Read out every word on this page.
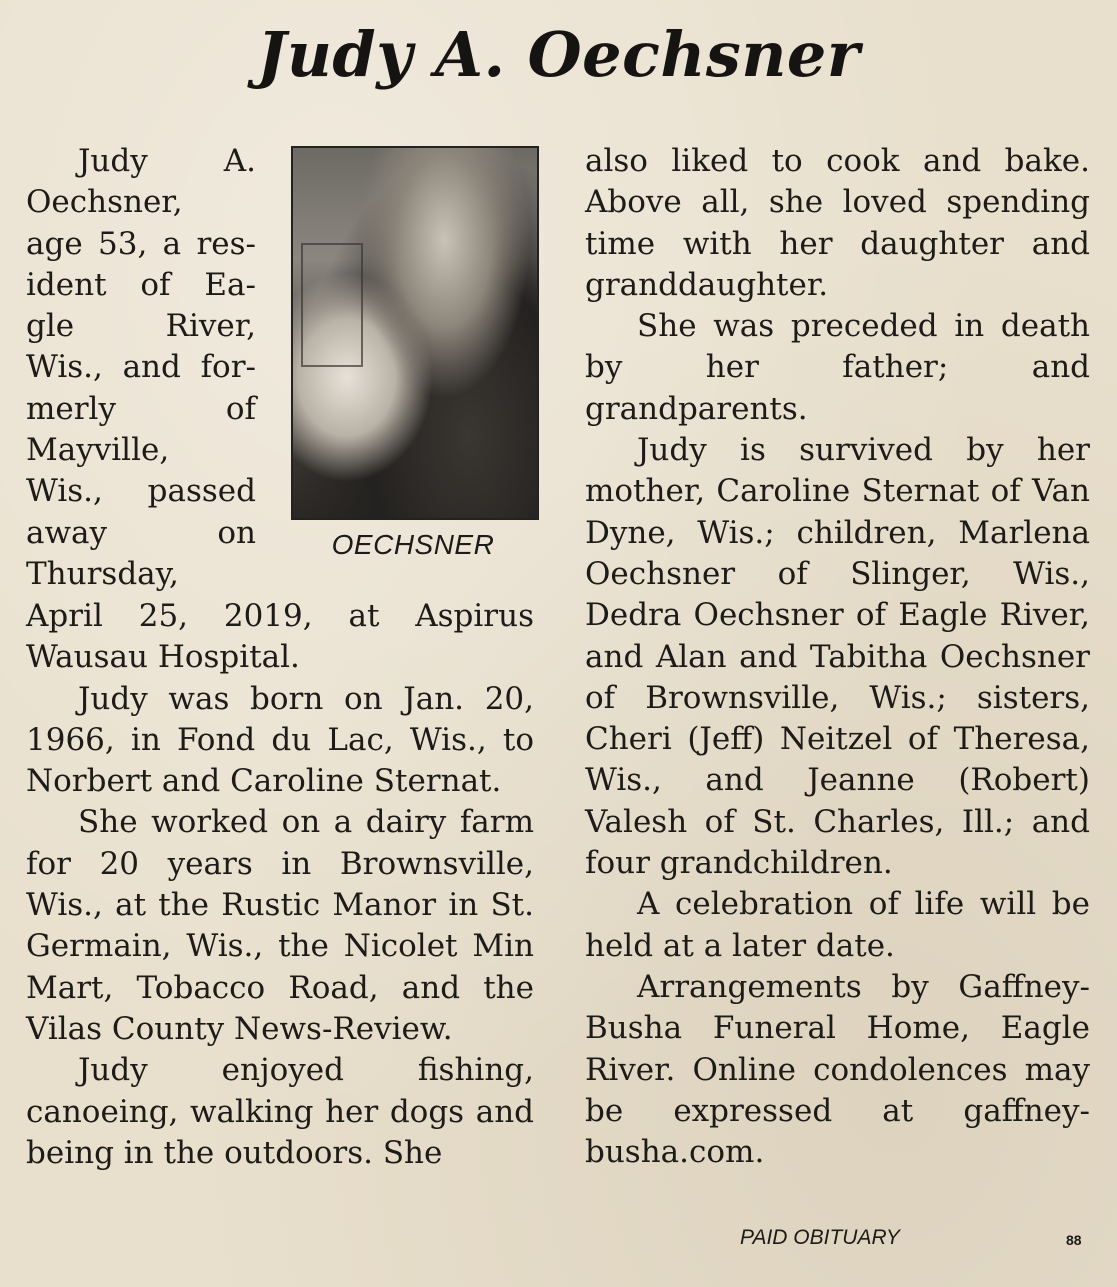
Judy A. Oechsner

Judy A.

Oechsner,

age 53, a res-

ident of Ea-

gle River,

Wis., and for-

merly of

Mayville,

Wis., passed

away on

Thursday,

OECHSNER

April 25, 2019, at Aspirus Wausau Hospital.

Judy was born on Jan. 20, 1966, in Fond du Lac, Wis., to Norbert and Caroline Sternat.

She worked on a dairy farm for 20 years in Brownsville, Wis., at the Rustic Manor in St. Germain, Wis., the Nicolet Min Mart, Tobacco Road, and the Vilas County News-Review.

Judy enjoyed fishing, canoeing, walking her dogs and being in the outdoors. She

also liked to cook and bake. Above all, she loved spending time with her daughter and granddaughter.

She was preceded in death by her father; and grandparents.

Judy is survived by her mother, Caroline Sternat of Van Dyne, Wis.; children, Marlena Oechsner of Slinger, Wis., Dedra Oechsner of Eagle River, and Alan and Tabitha Oechsner of Brownsville, Wis.; sisters, Cheri (Jeff) Neitzel of Theresa, Wis., and Jeanne (Robert) Valesh of St. Charles, Ill.; and four grandchildren.

A celebration of life will be held at a later date.

Arrangements by Gaffney-Busha Funeral Home, Eagle River. Online condolences may be expressed at gaffney-busha.com.

PAID OBITUARY	88
